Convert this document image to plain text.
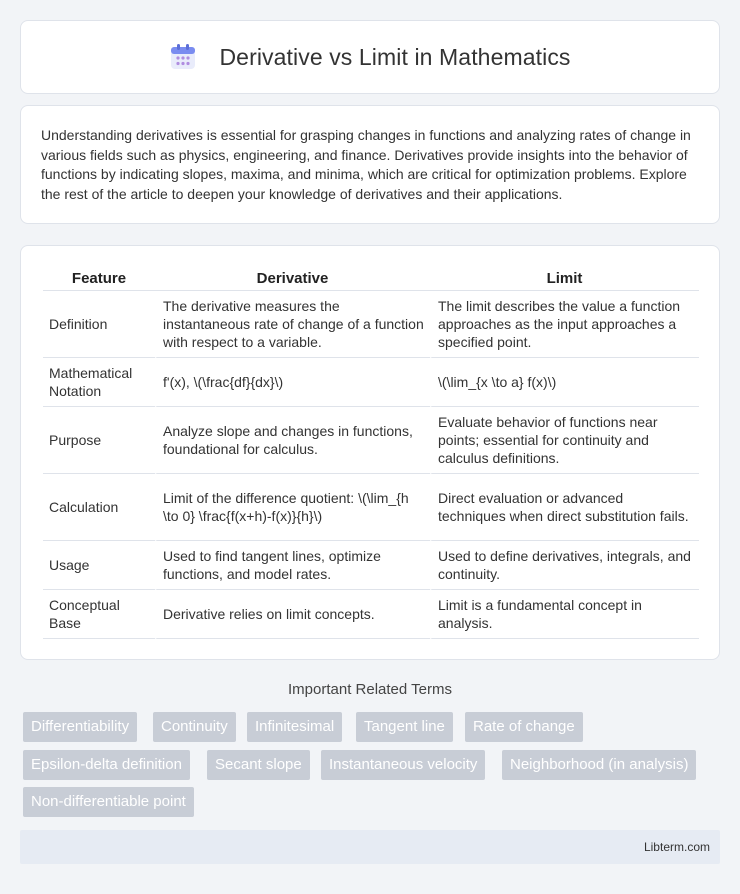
Derivative vs Limit in Mathematics

Understanding derivatives is essential for grasping changes in functions and analyzing rates of change in various fields such as physics, engineering, and finance. Derivatives provide insights into the behavior of functions by indicating slopes, maxima, and minima, which are critical for optimization problems. Explore the rest of the article to deepen your knowledge of derivatives and their applications.

Feature	Derivative	Limit
Definition	The derivative measures the instantaneous rate of change of a function with respect to a variable.	The limit describes the value a function approaches as the input approaches a specified point.
Mathematical Notation	f'(x), \(\frac{df}{dx}\)	\(\lim_{x \to a} f(x)\)
Purpose	Analyze slope and changes in functions, foundational for calculus.	Evaluate behavior of functions near points; essential for continuity and calculus definitions.
Calculation	Limit of the difference quotient: \(\lim_{h \to 0} \frac{f(x+h)-f(x)}{h}\)	Direct evaluation or advanced techniques when direct substitution fails.
Usage	Used to find tangent lines, optimize functions, and model rates.	Used to define derivatives, integrals, and continuity.
Conceptual Base	Derivative relies on limit concepts.	Limit is a fundamental concept in analysis.
Important Related Terms
Differentiability	Continuity	Infinitesimal	Tangent line	Rate of change
Epsilon-delta definition	Secant slope	Instantaneous velocity	Neighborhood (in analysis)
Non-differentiable point
Libterm.com
